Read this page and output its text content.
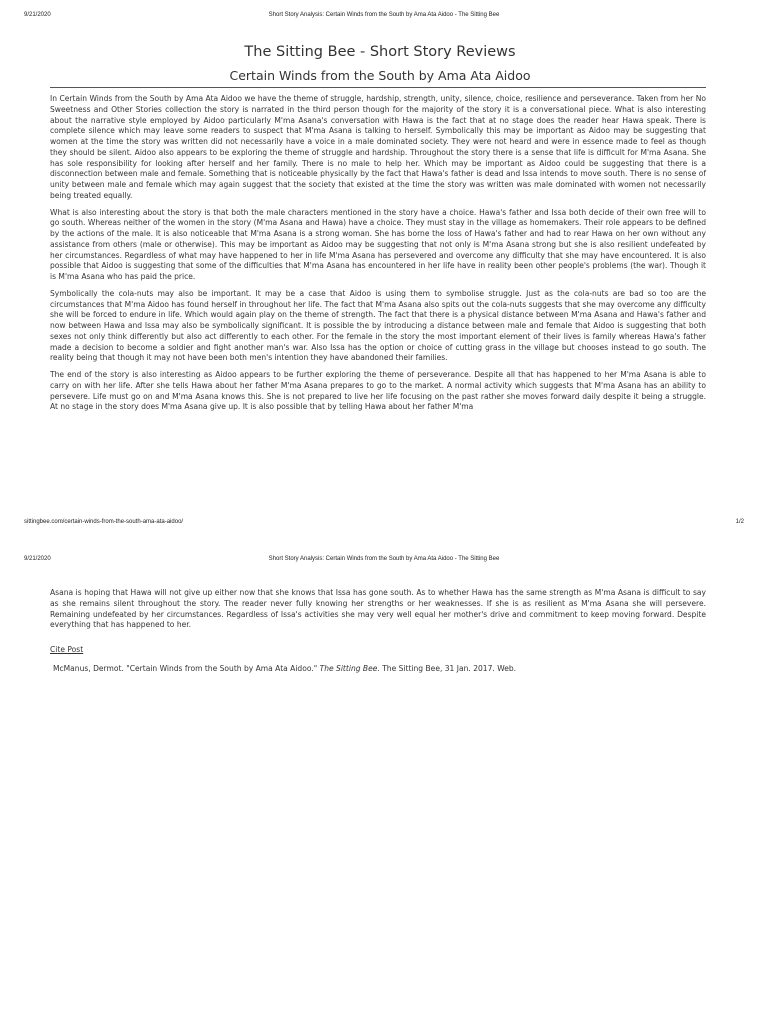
9/21/2020	Short Story Analysis: Certain Winds from the South by Ama Ata Aidoo - The Sitting Bee
The Sitting Bee - Short Story Reviews
Certain Winds from the South by Ama Ata Aidoo

In Certain Winds from the South by Ama Ata Aidoo we have the theme of struggle, hardship, strength, unity, silence, choice, resilience and perseverance. Taken from her No Sweetness and Other Stories collection the story is narrated in the third person though for the majority of the story it is a conversational piece. What is also interesting about the narrative style employed by Aidoo particularly M'ma Asana's conversation with Hawa is the fact that at no stage does the reader hear Hawa speak. There is complete silence which may leave some readers to suspect that M'ma Asana is talking to herself. Symbolically this may be important as Aidoo may be suggesting that women at the time the story was written did not necessarily have a voice in a male dominated society. They were not heard and were in essence made to feel as though they should be silent. Aidoo also appears to be exploring the theme of struggle and hardship. Throughout the story there is a sense that life is difficult for M'ma Asana. She has sole responsibility for looking after herself and her family. There is no male to help her. Which may be important as Aidoo could be suggesting that there is a disconnection between male and female. Something that is noticeable physically by the fact that Hawa's father is dead and Issa intends to move south. There is no sense of unity between male and female which may again suggest that the society that existed at the time the story was written was male dominated with women not necessarily being treated equally.

What is also interesting about the story is that both the male characters mentioned in the story have a choice. Hawa's father and Issa both decide of their own free will to go south. Whereas neither of the women in the story (M'ma Asana and Hawa) have a choice. They must stay in the village as homemakers. Their role appears to be defined by the actions of the male. It is also noticeable that M'ma Asana is a strong woman. She has borne the loss of Hawa's father and had to rear Hawa on her own without any assistance from others (male or otherwise). This may be important as Aidoo may be suggesting that not only is M'ma Asana strong but she is also resilient undefeated by her circumstances. Regardless of what may have happened to her in life M'ma Asana has persevered and overcome any difficulty that she may have encountered. It is also possible that Aidoo is suggesting that some of the difficulties that M'ma Asana has encountered in her life have in reality been other people's problems (the war). Though it is M'ma Asana who has paid the price.

Symbolically the cola-nuts may also be important. It may be a case that Aidoo is using them to symbolise struggle. Just as the cola-nuts are bad so too are the circumstances that M'ma Aidoo has found herself in throughout her life. The fact that M'ma Asana also spits out the cola-nuts suggests that she may overcome any difficulty she will be forced to endure in life. Which would again play on the theme of strength. The fact that there is a physical distance between M'ma Asana and Hawa's father and now between Hawa and Issa may also be symbolically significant. It is possible the by introducing a distance between male and female that Aidoo is suggesting that both sexes not only think differently but also act differently to each other. For the female in the story the most important element of their lives is family whereas Hawa's father made a decision to become a soldier and fight another man's war. Also Issa has the option or choice of cutting grass in the village but chooses instead to go south. The reality being that though it may not have been both men's intention they have abandoned their families.

The end of the story is also interesting as Aidoo appears to be further exploring the theme of perseverance. Despite all that has happened to her M'ma Asana is able to carry on with her life. After she tells Hawa about her father M'ma Asana prepares to go to the market. A normal activity which suggests that M'ma Asana has an ability to persevere. Life must go on and M'ma Asana knows this. She is not prepared to live her life focusing on the past rather she moves forward daily despite it being a struggle. At no stage in the story does M'ma Asana give up. It is also possible that by telling Hawa about her father M'ma

sittingbee.com/certain-winds-from-the-south-ama-ata-aidoo/	1/2
9/21/2020	Short Story Analysis: Certain Winds from the South by Ama Ata Aidoo - The Sitting Bee

Asana is hoping that Hawa will not give up either now that she knows that Issa has gone south. As to whether Hawa has the same strength as M'ma Asana is difficult to say as she remains silent throughout the story. The reader never fully knowing her strengths or her weaknesses. If she is as resilient as M'ma Asana she will persevere. Remaining undefeated by her circumstances. Regardless of Issa's activities she may very well equal her mother's drive and commitment to keep moving forward. Despite everything that has happened to her.

Cite Post
McManus, Dermot. "Certain Winds from the South by Ama Ata Aidoo." The Sitting Bee. The Sitting Bee, 31 Jan. 2017. Web.
